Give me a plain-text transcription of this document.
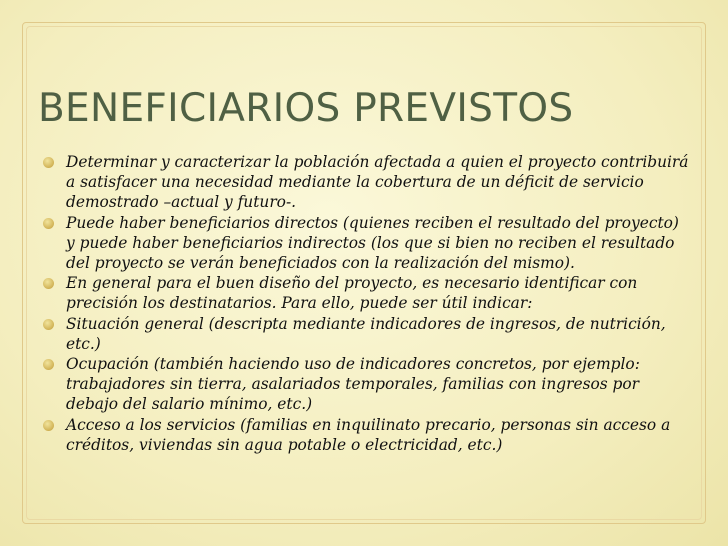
BENEFICIARIOS PREVISTOS
Determinar y caracterizar la población afectada a quien el proyecto contribuirá a satisfacer una necesidad mediante la cobertura de un déficit de servicio demostrado –actual y futuro-.
Puede haber beneficiarios directos (quienes reciben el resultado del proyecto) y puede haber beneficiarios indirectos (los que si bien no reciben el resultado del proyecto se verán beneficiados con la realización del mismo).
En general para el buen diseño del proyecto, es necesario identificar con precisión los destinatarios. Para ello, puede ser útil indicar:
Situación general (descripta mediante indicadores de ingresos, de nutrición, etc.)
Ocupación (también haciendo uso de indicadores concretos, por ejemplo: trabajadores sin tierra, asalariados temporales, familias con ingresos por debajo del salario mínimo, etc.)
Acceso a los servicios (familias en inquilinato precario, personas sin acceso a créditos, viviendas sin agua potable o electricidad, etc.)
